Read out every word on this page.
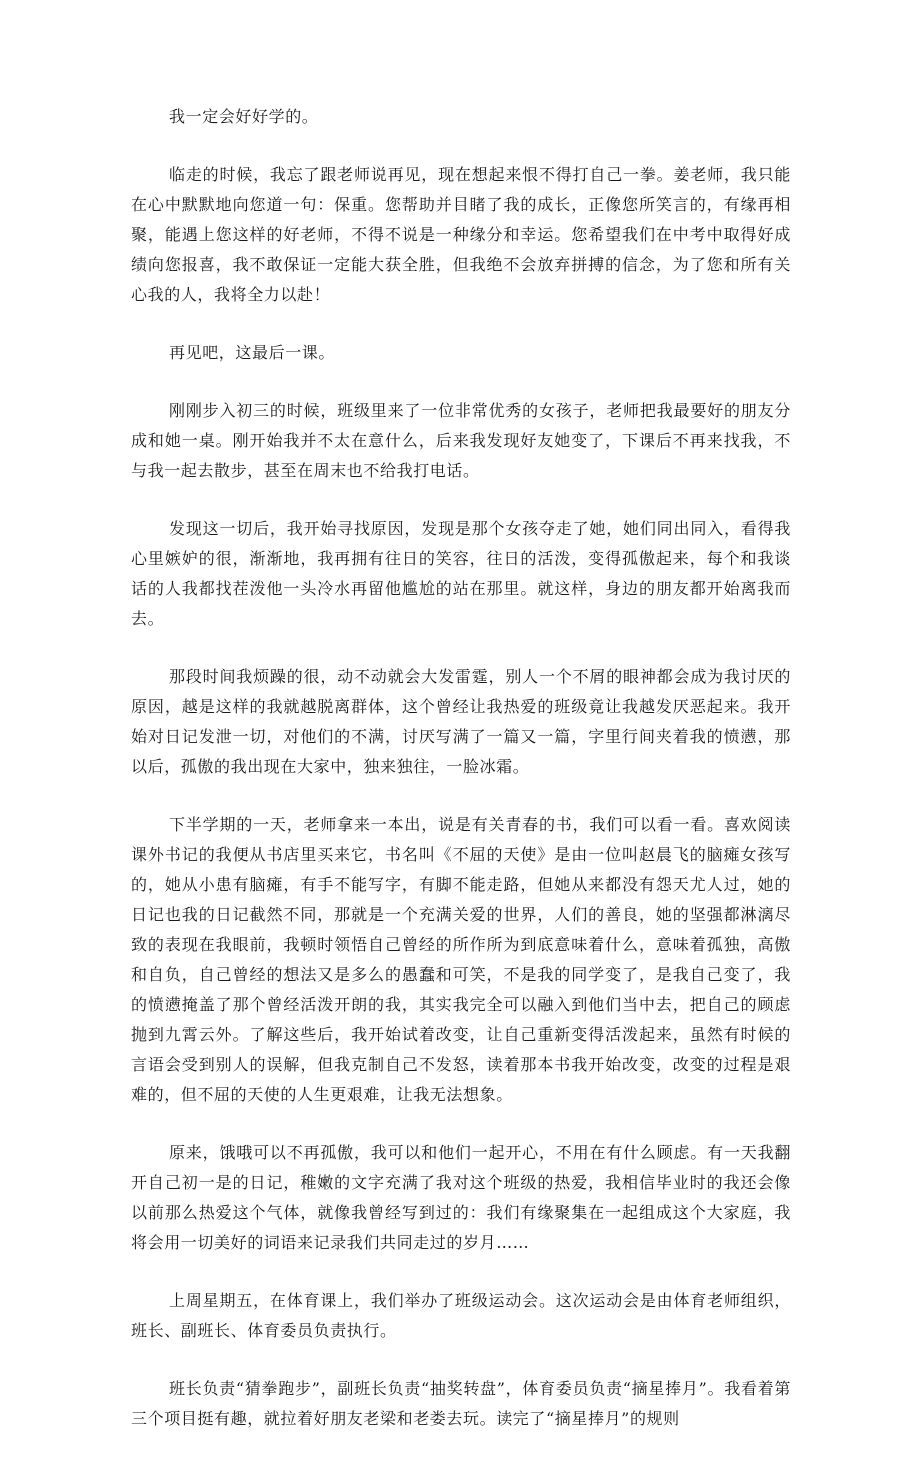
我一定会好好学的。

临走的时候，我忘了跟老师说再见，现在想起来恨不得打自己一拳。姜老师，我只能在心中默默地向您道一句：保重。您帮助并目睹了我的成长，正像您所笑言的，有缘再相聚，能遇上您这样的好老师，不得不说是一种缘分和幸运。您希望我们在中考中取得好成绩向您报喜，我不敢保证一定能大获全胜，但我绝不会放弃拼搏的信念，为了您和所有关心我的人，我将全力以赴！

再见吧，这最后一课。

刚刚步入初三的时候，班级里来了一位非常优秀的女孩子，老师把我最要好的朋友分成和她一桌。刚开始我并不太在意什么，后来我发现好友她变了，下课后不再来找我，不与我一起去散步，甚至在周末也不给我打电话。

发现这一切后，我开始寻找原因，发现是那个女孩夺走了她，她们同出同入，看得我心里嫉妒的很，渐渐地，我再拥有往日的笑容，往日的活泼，变得孤傲起来，每个和我谈话的人我都找茬泼他一头冷水再留他尴尬的站在那里。就这样，身边的朋友都开始离我而去。

那段时间我烦躁的很，动不动就会大发雷霆，别人一个不屑的眼神都会成为我讨厌的原因，越是这样的我就越脱离群体，这个曾经让我热爱的班级竟让我越发厌恶起来。我开始对日记发泄一切，对他们的不满，讨厌写满了一篇又一篇，字里行间夹着我的愤懑，那以后，孤傲的我出现在大家中，独来独往，一脸冰霜。

下半学期的一天，老师拿来一本出，说是有关青春的书，我们可以看一看。喜欢阅读课外书记的我便从书店里买来它，书名叫《不屈的天使》是由一位叫赵晨飞的脑瘫女孩写的，她从小患有脑瘫，有手不能写字，有脚不能走路，但她从来都没有怨天尤人过，她的日记也我的日记截然不同，那就是一个充满关爱的世界，人们的善良，她的坚强都淋漓尽致的表现在我眼前，我顿时领悟自己曾经的所作所为到底意味着什么，意味着孤独，高傲和自负，自己曾经的想法又是多么的愚蠢和可笑，不是我的同学变了，是我自己变了，我的愤懑掩盖了那个曾经活泼开朗的我，其实我完全可以融入到他们当中去，把自己的顾虑抛到九霄云外。了解这些后，我开始试着改变，让自己重新变得活泼起来，虽然有时候的言语会受到别人的误解，但我克制自己不发怒，读着那本书我开始改变，改变的过程是艰难的，但不屈的天使的人生更艰难，让我无法想象。

原来，饿哦可以不再孤傲，我可以和他们一起开心，不用在有什么顾虑。有一天我翻开自己初一是的日记，稚嫩的文字充满了我对这个班级的热爱，我相信毕业时的我还会像以前那么热爱这个气体，就像我曾经写到过的：我们有缘聚集在一起组成这个大家庭，我将会用一切美好的词语来记录我们共同走过的岁月……

上周星期五，在体育课上，我们举办了班级运动会。这次运动会是由体育老师组织，班长、副班长、体育委员负责执行。

班长负责“猜拳跑步”，副班长负责“抽奖转盘”，体育委员负责“摘星捧月”。我看着第三个项目挺有趣，就拉着好朋友老梁和老娄去玩。读完了“摘星捧月”的规则
